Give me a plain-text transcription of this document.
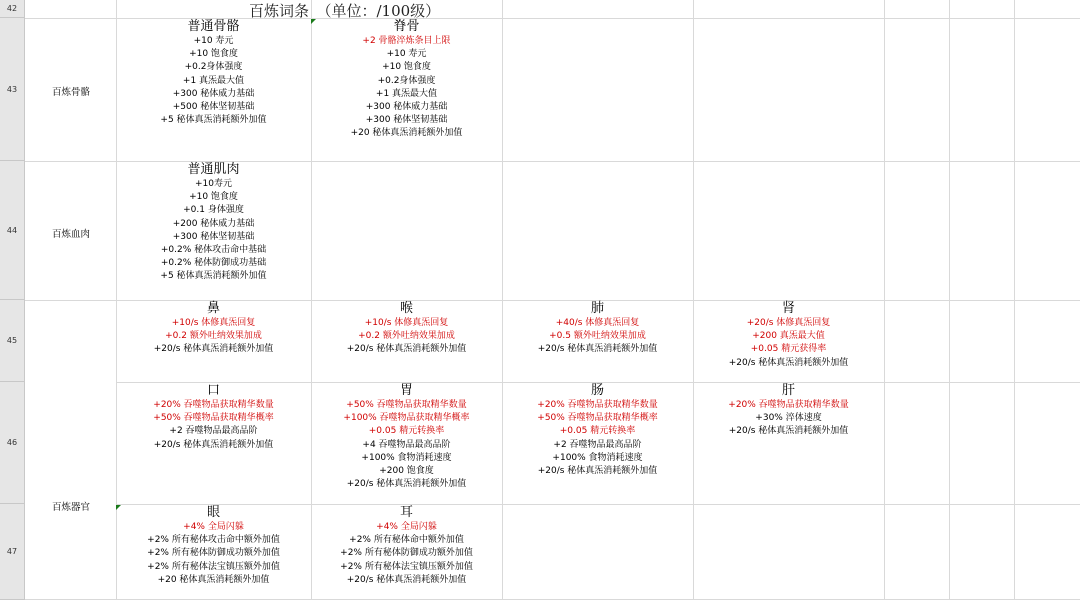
42
43
44
45
46
47
百炼词条　（单位：/100级）
百炼骨骼
百炼血肉
百炼器官
普通骨骼
+10 寿元
+10 饱食度
+0.2身体强度
+1 真炁最大值
+300 秘体威力基础
+500 秘体坚韧基础
+5 秘体真炁消耗额外加值
脊骨
+2 骨骼淬炼条目上限
+10 寿元
+10 饱食度
+0.2身体强度
+1 真炁最大值
+300 秘体威力基础
+300 秘体坚韧基础
+20 秘体真炁消耗额外加值
普通肌肉
+10寿元
+10 饱食度
+0.1 身体强度
+200 秘体威力基础
+300 秘体坚韧基础
+0.2% 秘体攻击命中基础
+0.2% 秘体防御成功基础
+5 秘体真炁消耗额外加值
鼻
+10/s 体修真炁回复
+0.2 额外吐纳效果加成
+20/s 秘体真炁消耗额外加值
喉
+10/s 体修真炁回复
+0.2 额外吐纳效果加成
+20/s 秘体真炁消耗额外加值
肺
+40/s 体修真炁回复
+0.5 额外吐纳效果加成
+20/s 秘体真炁消耗额外加值
肾
+20/s 体修真炁回复
+200 真炁最大值
+0.05 精元获得率
+20/s 秘体真炁消耗额外加值
口
+20% 吞噬物品获取精华数量
+50% 吞噬物品获取精华概率
+2 吞噬物品最高品阶
+20/s 秘体真炁消耗额外加值
胃
+50% 吞噬物品获取精华数量
+100% 吞噬物品获取精华概率
+0.05 精元转换率
+4 吞噬物品最高品阶
+100% 食物消耗速度
+200 饱食度
+20/s 秘体真炁消耗额外加值
肠
+20% 吞噬物品获取精华数量
+50% 吞噬物品获取精华概率
+0.05 精元转换率
+2 吞噬物品最高品阶
+100% 食物消耗速度
+20/s 秘体真炁消耗额外加值
肝
+20% 吞噬物品获取精华数量
+30% 淬体速度
+20/s 秘体真炁消耗额外加值
眼
+4% 全局闪躲
+2% 所有秘体攻击命中额外加值
+2% 所有秘体防御成功额外加值
+2% 所有秘体法宝镇压额外加值
+20 秘体真炁消耗额外加值
耳
+4% 全局闪躲
+2% 所有秘体命中额外加值
+2% 所有秘体防御成功额外加值
+2% 所有秘体法宝镇压额外加值
+20/s 秘体真炁消耗额外加值
